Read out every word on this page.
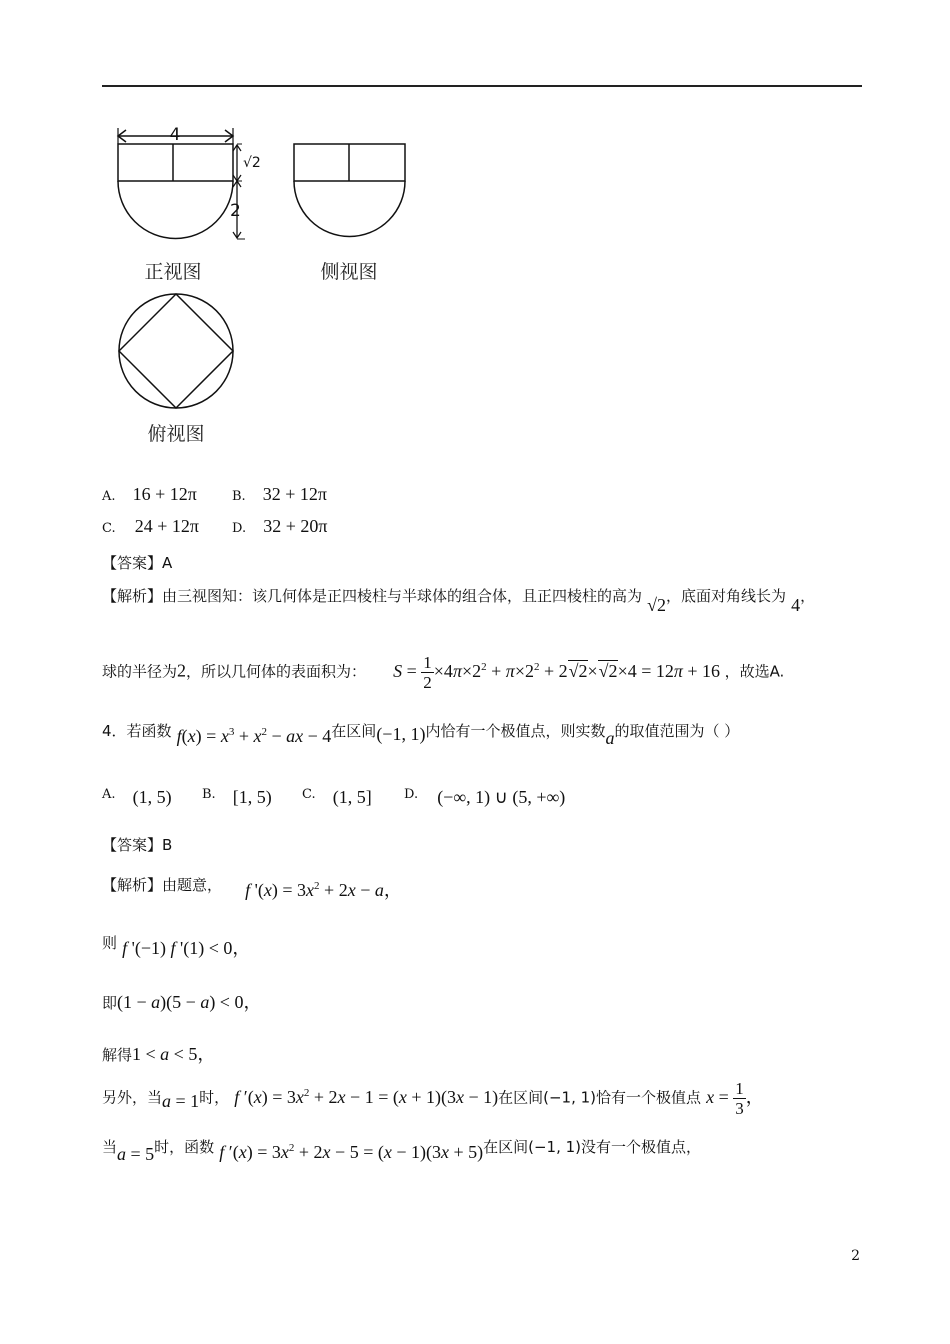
4
√2
2
正视图	侧视图
俯视图
A. 16 + 12π	B. 32 + 12π
C. 24 + 12π	D. 32 + 20π
【答案】A
【解析】由三视图知：该几何体是正四棱柱与半球体的组合体，且正四棱柱的高为 √2，底面对角线长为 4，
球的半径为2，所以几何体的表面积为： $S = \frac{1}{2} \times 4\pi\times 2^2 + \pi\times 2^2 + 2√2\times√2\times 4 = 12\pi + 16$ ，故选A.
4．若函数 $f(x) = x^3 + x^2$ − ax − 4在区间(−1, 1)内恰有一个极值点，则实数a的取值范围为（ ）
A. (1, 5) B. [1, 5) C. (1, 5] D. (−∞, 1) ∪ (5, +∞)
【答案】B
【解析】由题意， f '$(x) = 3x^2 + 2x - a$，
则 f '(−1) f '(1) < 0，
即(1 − a)(5 − a) < 0，
解得1 < a < 5，
另外，当a = 1时， f $'(x) = 3x^2 + 2x - 1 = (x + 1)(3x - 1)$在区间(−1, 1)恰有一个极值点 $x = \frac{1}{3}$ ，
当a = 5时，函数 f $'(x) = 3x^2 + 2x - 5 = (x - 1)(3x + 5)$在区间(−1, 1)没有一个极值点，
2
